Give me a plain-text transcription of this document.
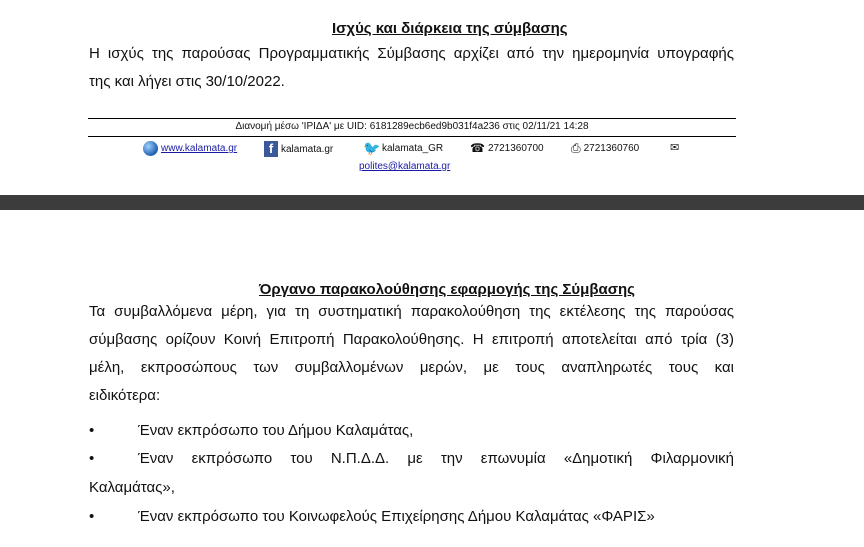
Ισχύς και διάρκεια της σύμβασης
Η ισχύς της παρούσας Προγραμματικής Σύμβασης αρχίζει από την ημερομηνία υπογραφής
της και λήγει στις 30/10/2022.
Διανομή μέσω 'ΙΡΙΔΑ' με UID: 6181289ecb6ed9b031f4a236 στις 02/11/21 14:28
www.kalamata.gr	f kalamata.gr 🐦 kalamata_GR ☎ 2721360700 ⎙ 2721360760	✉
polites@kalamata.gr
Όργανο παρακολούθησης εφαρμογής της Σύμβασης
Τα συμβαλλόμενα μέρη, για τη συστηματική παρακολούθηση της εκτέλεσης της παρούσας
σύμβασης ορίζουν Κοινή Επιτροπή Παρακολούθησης. Η επιτροπή αποτελείται από τρία (3)
μέλη, εκπροσώπους των συμβαλλομένων μερών, με τους αναπληρωτές τους και
ειδικότερα:
•	Έναν εκπρόσωπο του Δήμου Καλαμάτας,
•	Έναν εκπρόσωπο του Ν.Π.Δ.Δ. με την επωνυμία «Δημοτική Φιλαρμονική
Καλαμάτας»,
•	Έναν εκπρόσωπο του Κοινωφελούς Επιχείρησης Δήμου Καλαμάτας «ΦΑΡΙΣ»
